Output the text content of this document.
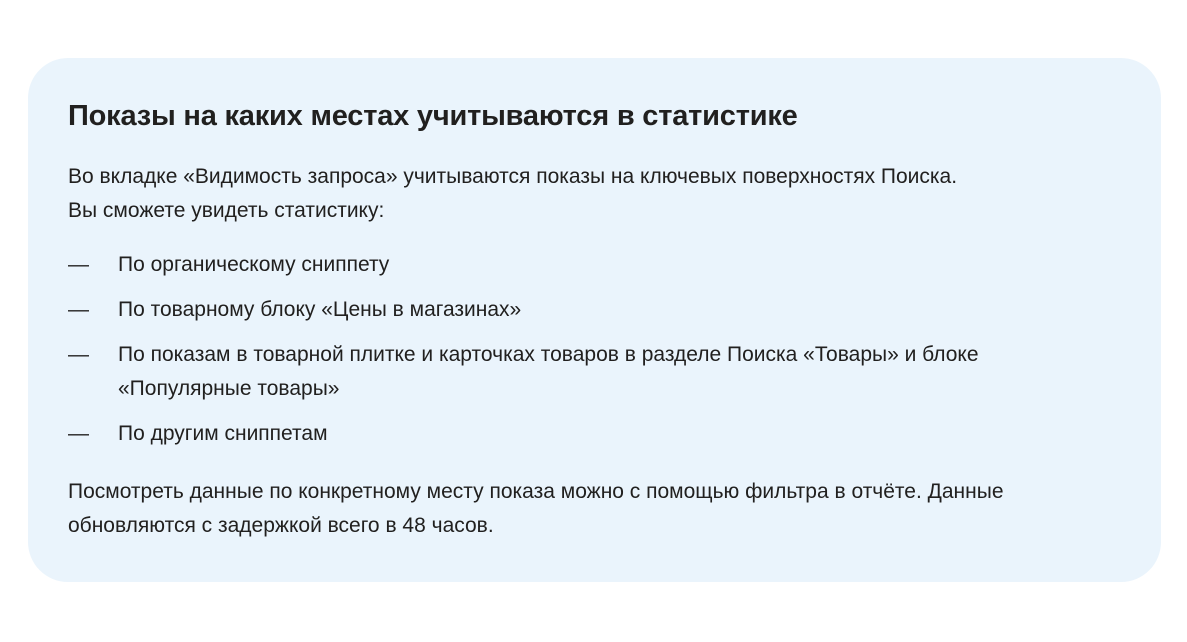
Показы на каких местах учитываются в статистике

Во вкладке «Видимость запроса» учитываются показы на ключевых поверхностях Поиска.
Вы сможете увидеть статистику:

— По органическому сниппету
— По товарному блоку «Цены в магазинах»
— По показам в товарной плитке и карточках товаров в разделе Поиска «Товары» и блоке
«Популярные товары»
— По другим сниппетам

Посмотреть данные по конкретному месту показа можно с помощью фильтра в отчёте. Данные
обновляются с задержкой всего в 48 часов.
